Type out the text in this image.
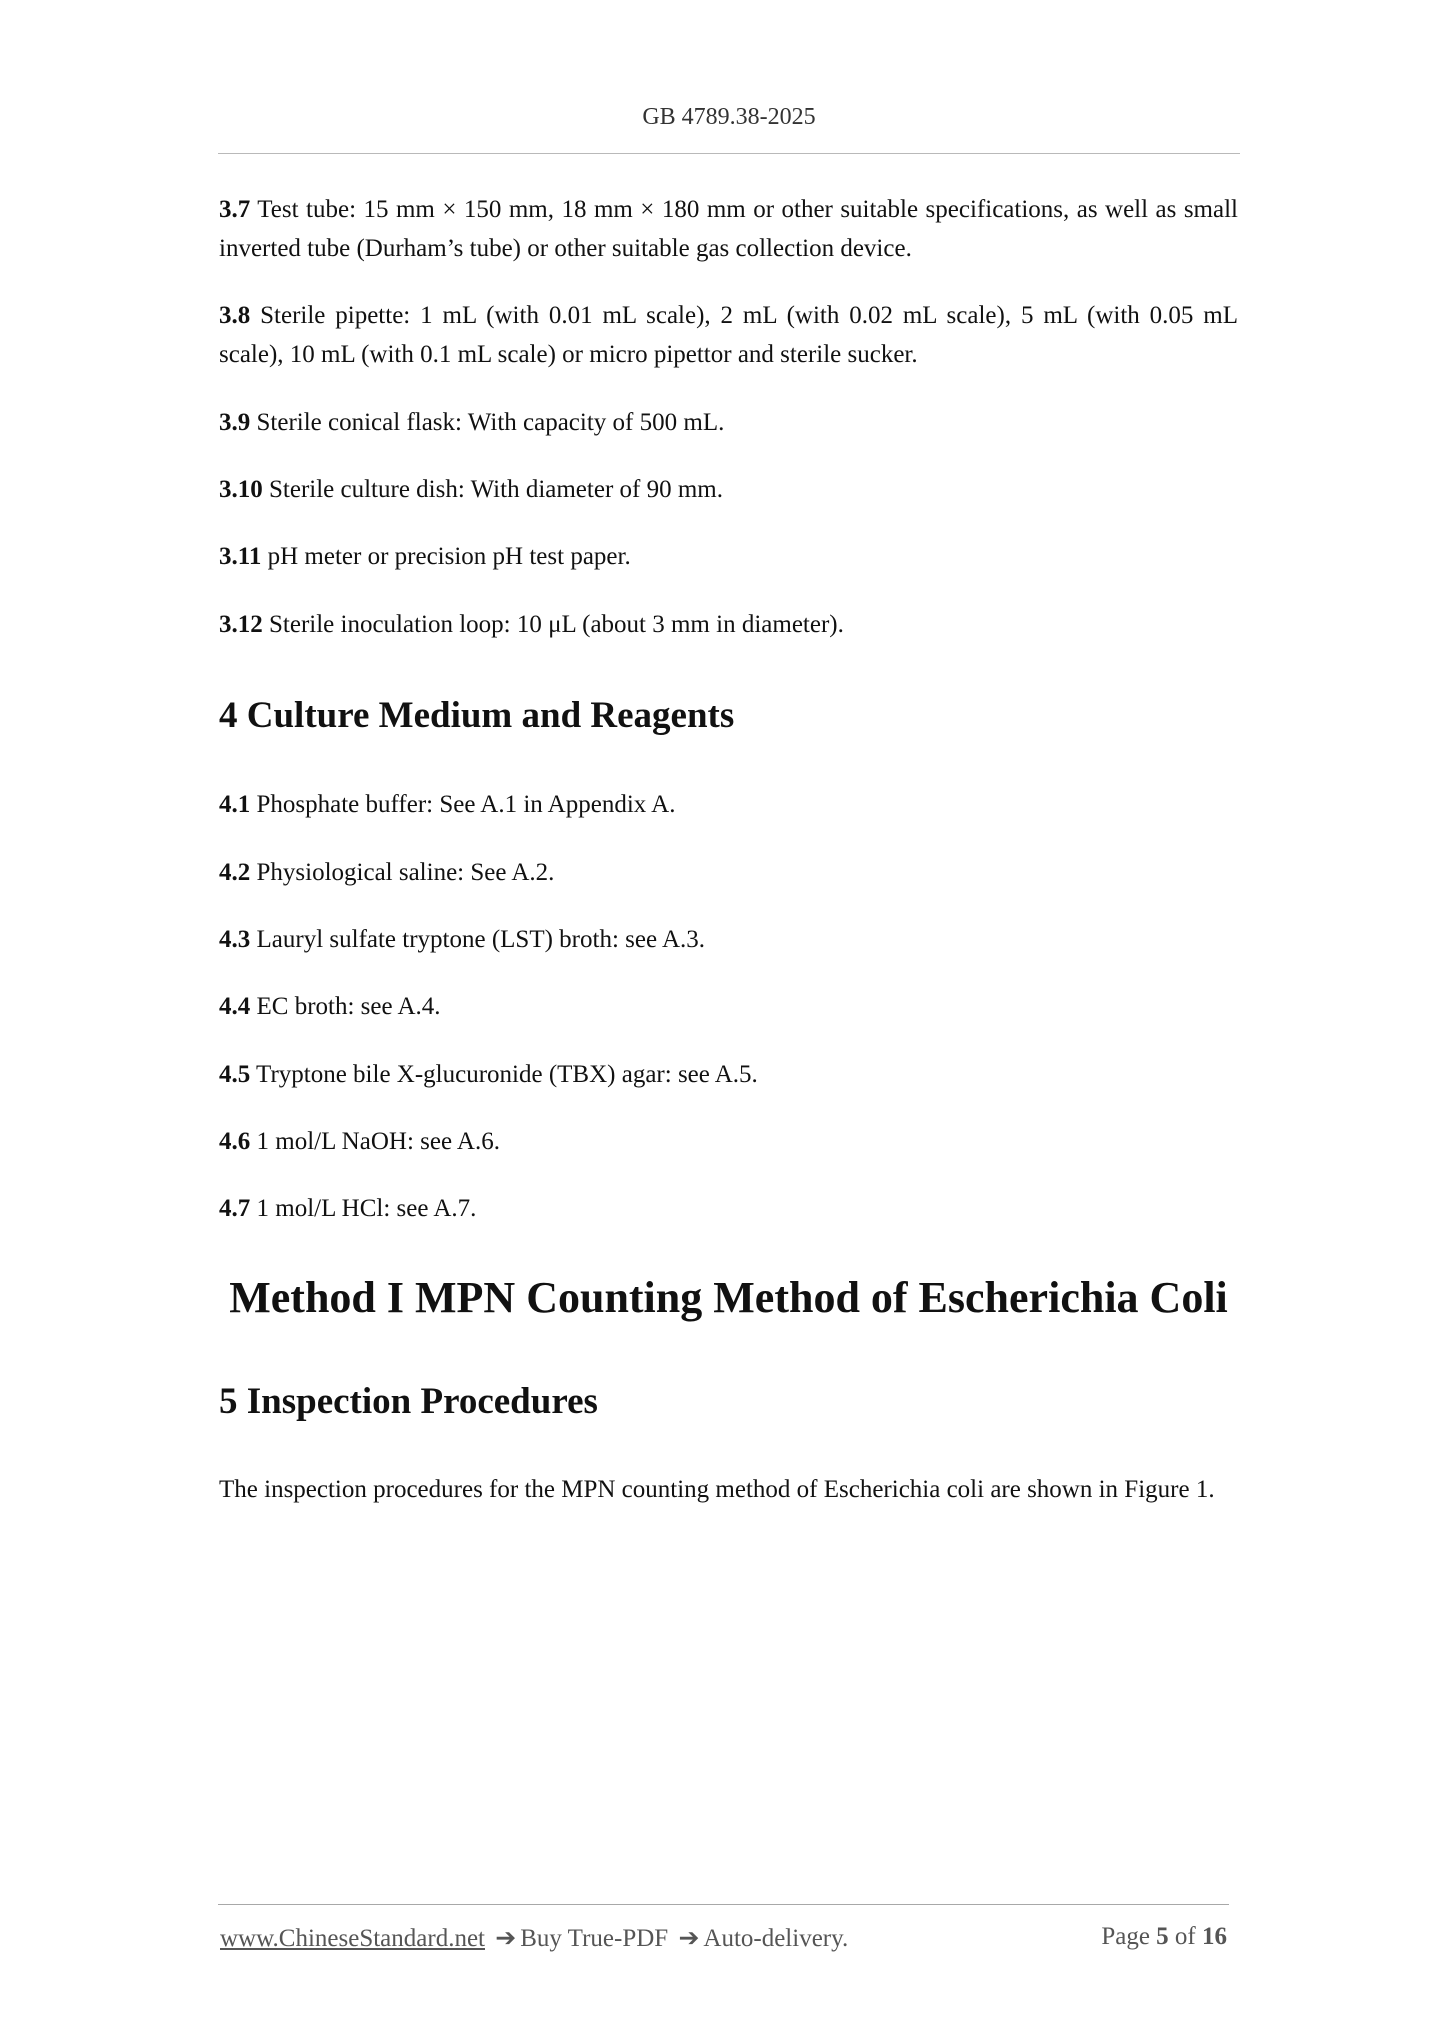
GB 4789.38-2025

3.7 Test tube: 15 mm × 150 mm, 18 mm × 180 mm or other suitable specifications, as well as small inverted tube (Durham’s tube) or other suitable gas collection device.

3.8 Sterile pipette: 1 mL (with 0.01 mL scale), 2 mL (with 0.02 mL scale), 5 mL (with 0.05 mL scale), 10 mL (with 0.1 mL scale) or micro pipettor and sterile sucker.

3.9 Sterile conical flask: With capacity of 500 mL.

3.10 Sterile culture dish: With diameter of 90 mm.

3.11 pH meter or precision pH test paper.

3.12 Sterile inoculation loop: 10 μL (about 3 mm in diameter).

4 Culture Medium and Reagents

4.1 Phosphate buffer: See A.1 in Appendix A.

4.2 Physiological saline: See A.2.

4.3 Lauryl sulfate tryptone (LST) broth: see A.3.

4.4 EC broth: see A.4.

4.5 Tryptone bile X-glucuronide (TBX) agar: see A.5.

4.6 1 mol/L NaOH: see A.6.

4.7 1 mol/L HCl: see A.7.

Method I MPN Counting Method of Escherichia Coli
5 Inspection Procedures

The inspection procedures for the MPN counting method of Escherichia coli are shown in Figure 1.

www.ChineseStandard.net ➔ Buy True-PDF ➔ Auto-delivery.	Page 5 of 16
